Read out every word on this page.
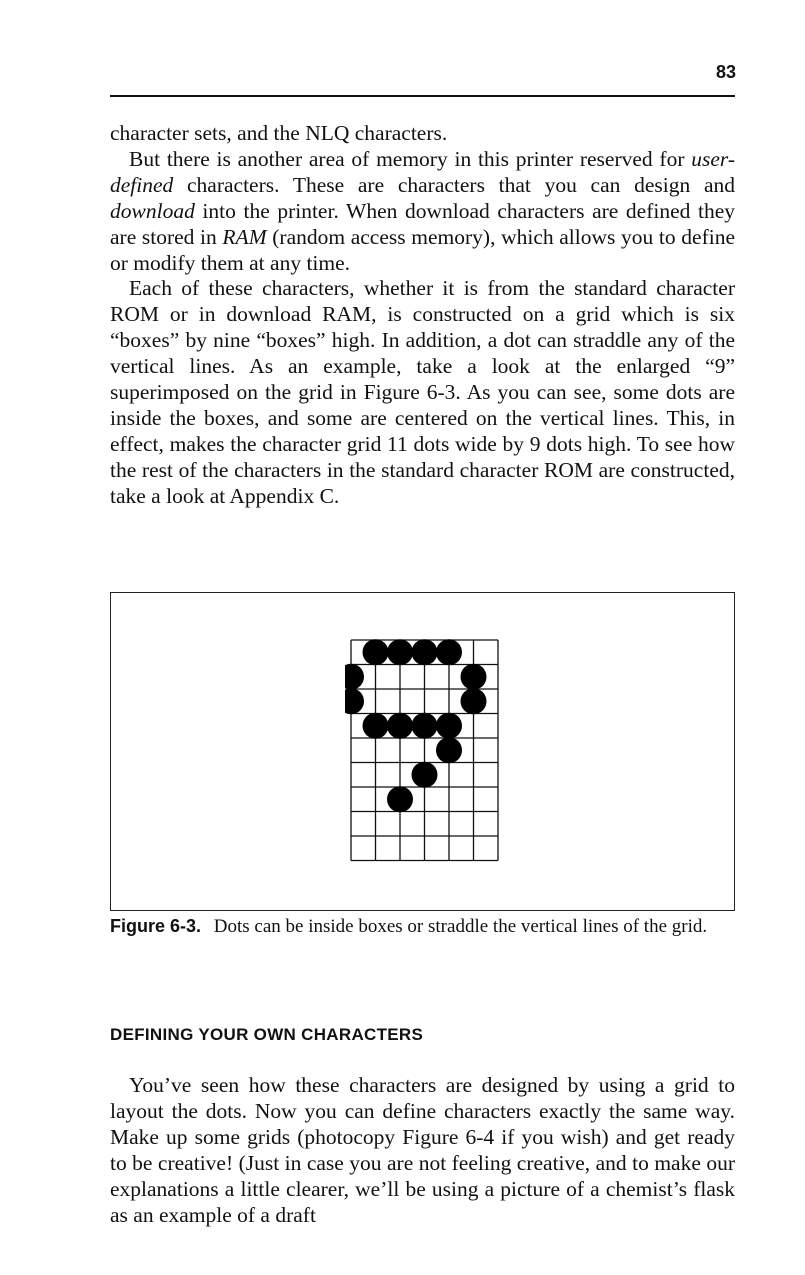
83

character sets, and the NLQ characters.

But there is another area of memory in this printer reserved for user-defined characters. These are characters that you can design and download into the printer. When download characters are defined they are stored in RAM (random access memory), which allows you to define or modify them at any time.

Each of these characters, whether it is from the standard character ROM or in download RAM, is constructed on a grid which is six “boxes” by nine “boxes” high. In addition, a dot can straddle any of the vertical lines. As an example, take a look at the enlarged “9” superimposed on the grid in Figure 6-3. As you can see, some dots are inside the boxes, and some are centered on the vertical lines. This, in effect, makes the character grid 11 dots wide by 9 dots high. To see how the rest of the characters in the standard character ROM are constructed, take a look at Appendix C.

Figure 6-3. Dots can be inside boxes or straddle the vertical lines of the grid.
DEFINING YOUR OWN CHARACTERS

You’ve seen how these characters are designed by using a grid to layout the dots. Now you can define characters exactly the same way. Make up some grids (photocopy Figure 6-4 if you wish) and get ready to be creative! (Just in case you are not feeling creative, and to make our explanations a little clearer, we’ll be using a picture of a chemist’s flask as an example of a draft
